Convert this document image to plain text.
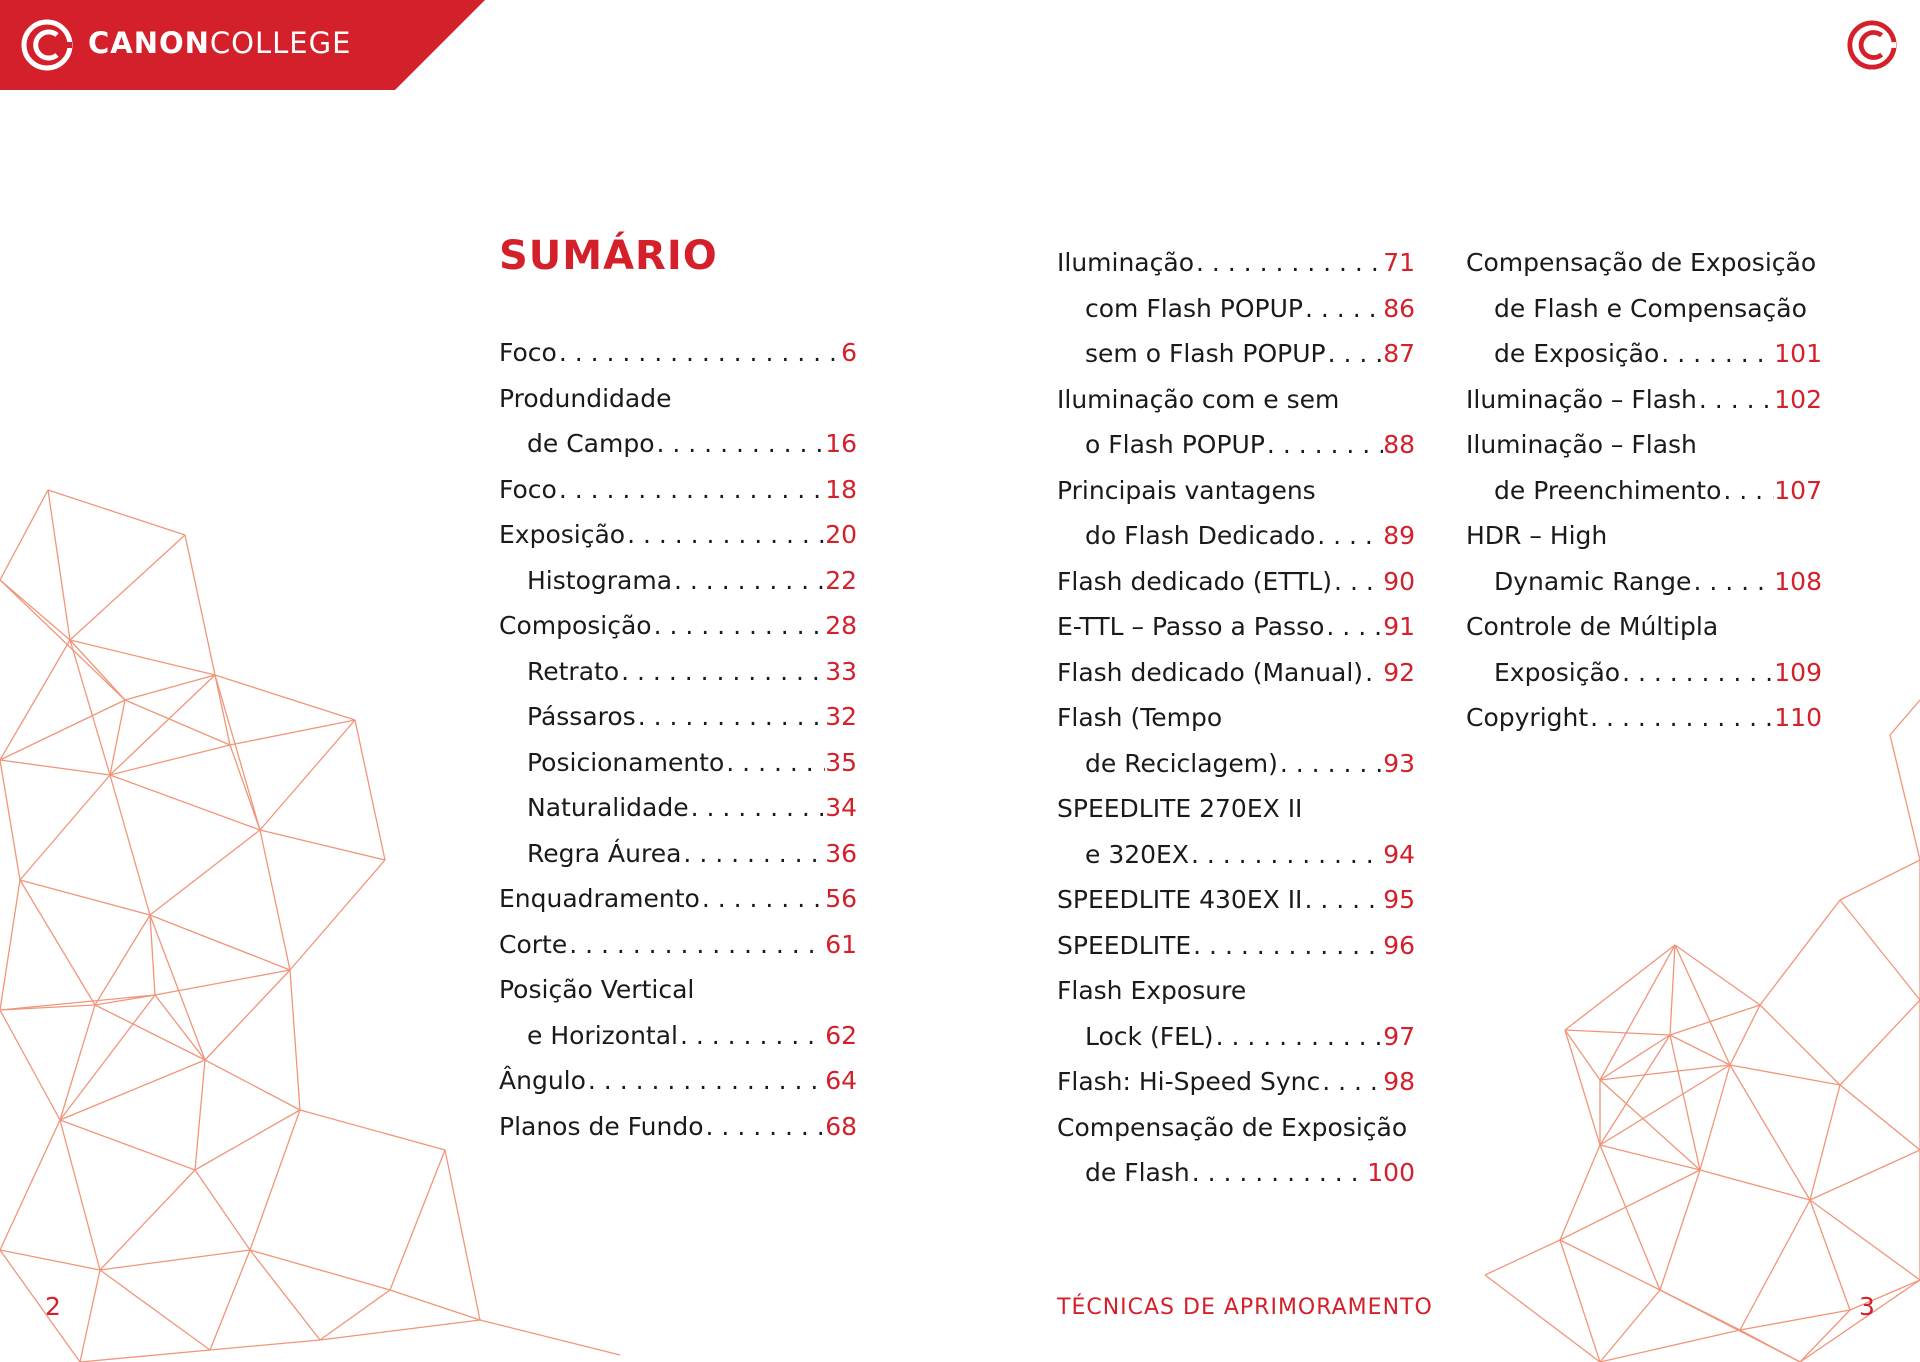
CANONCOLLEGE
SUMÁRIO
Foco . . .	6
Produndidade
de Campo . . .	16
Foco . . .	18
Exposição . . .	20
Histograma . . .	22
Composição . . .	28
Retrato . . .	33
Pássaros . . .	32
Posicionamento . . .	35
Naturalidade . . .	34
Regra Áurea . . .	36
Enquadramento . . .	56
Corte . . .	61
Posição Vertical
e Horizontal . . .	62
Ângulo . . .	64
Planos de Fundo . . .	68
Iluminação . . .	71
com Flash POPUP . . .	86
sem o Flash POPUP . . . 87
Iluminação com e sem
o Flash POPUP . . .	88
Principais vantagens
do Flash Dedicado . . .	89
Flash dedicado (ETTL) . . . 90
E-TTL – Passo a Passo . . . 91
Flash dedicado (Manual) . . . 92
Flash (Tempo
de Reciclagem) . . .	93
SPEEDLITE 270EX II
e 320EX . . .	94
SPEEDLITE 430EX II . . .	95
SPEEDLITE . . .	96
Flash Exposure
Lock (FEL) . . .	97
Flash: Hi-Speed Sync . . .	98
Compensação de Exposição
de Flash . . .	100
Compensação de Exposição
de Flash e Compensação
de Exposição . . .	101
Iluminação – Flash . . .	102
Iluminação – Flash
de Preenchimento . . . 107
HDR – High
Dynamic Range . . .	108
Controle de Múltipla
Exposição . . .	109
Copyright . . .	110
2	TÉCNICAS DE APRIMORAMENTO	3
